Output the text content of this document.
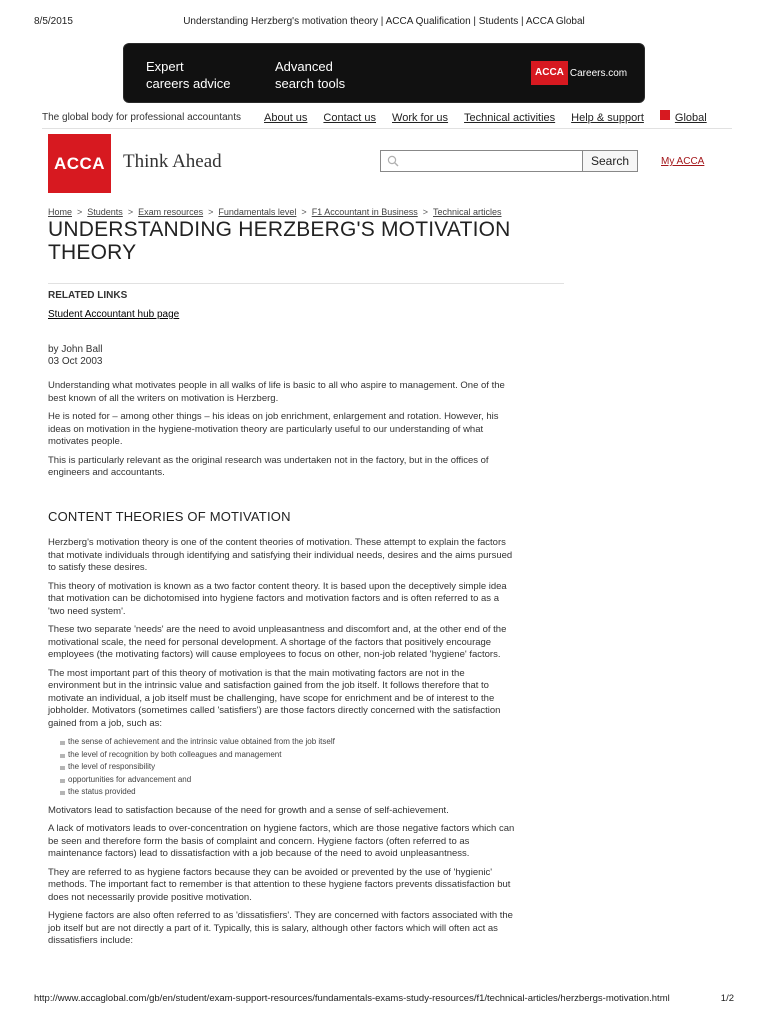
8/5/2015	Understanding Herzberg's motivation theory | ACCA Qualification | Students | ACCA Global
Expert
careers advice
Advanced
search tools
ACCA Careers.com
The global body for professional accountants About us Contact us Work for us Technical activities Help & support	Global
ACCA Think Ahead	Search	My ACCA
Home > Students > Exam resources > Fundamentals level > F1 Accountant in Business > Technical articles
UNDERSTANDING HERZBERG'S MOTIVATION THEORY
RELATED LINKS
Student Accountant hub page
by John Ball
03 Oct 2003

Understanding what motivates people in all walks of life is basic to all who aspire to management. One of the best known of all the writers on motivation is Herzberg.

He is noted for – among other things – his ideas on job enrichment, enlargement and rotation. However, his ideas on motivation in the hygiene-motivation theory are particularly useful to our understanding of what motivates people.

This is particularly relevant as the original research was undertaken not in the factory, but in the offices of engineers and accountants.

CONTENT THEORIES OF MOTIVATION

Herzberg's motivation theory is one of the content theories of motivation. These attempt to explain the factors that motivate individuals through identifying and satisfying their individual needs, desires and the aims pursued to satisfy these desires.

This theory of motivation is known as a two factor content theory. It is based upon the deceptively simple idea that motivation can be dichotomised into hygiene factors and motivation factors and is often referred to as a 'two need system'.

These two separate 'needs' are the need to avoid unpleasantness and discomfort and, at the other end of the motivational scale, the need for personal development. A shortage of the factors that positively encourage employees (the motivating factors) will cause employees to focus on other, non-job related 'hygiene' factors.

The most important part of this theory of motivation is that the main motivating factors are not in the environment but in the intrinsic value and satisfaction gained from the job itself. It follows therefore that to motivate an individual, a job itself must be challenging, have scope for enrichment and be of interest to the jobholder. Motivators (sometimes called 'satisfiers') are those factors directly concerned with the satisfaction gained from a job, such as:

the sense of achievement and the intrinsic value obtained from the job itself
the level of recognition by both colleagues and management
the level of responsibility
opportunities for advancement and
the status provided

Motivators lead to satisfaction because of the need for growth and a sense of self-achievement.

A lack of motivators leads to over-concentration on hygiene factors, which are those negative factors which can be seen and therefore form the basis of complaint and concern. Hygiene factors (often referred to as maintenance factors) lead to dissatisfaction with a job because of the need to avoid unpleasantness.

They are referred to as hygiene factors because they can be avoided or prevented by the use of 'hygienic' methods. The important fact to remember is that attention to these hygiene factors prevents dissatisfaction but does not necessarily provide positive motivation.

Hygiene factors are also often referred to as 'dissatisfiers'. They are concerned with factors associated with the job itself but are not directly a part of it. Typically, this is salary, although other factors which will often act as dissatisfiers include:

http://www.accaglobal.com/gb/en/student/exam-support-resources/fundamentals-exams-study-resources/f1/technical-articles/herzbergs-motivation.html	1/2
